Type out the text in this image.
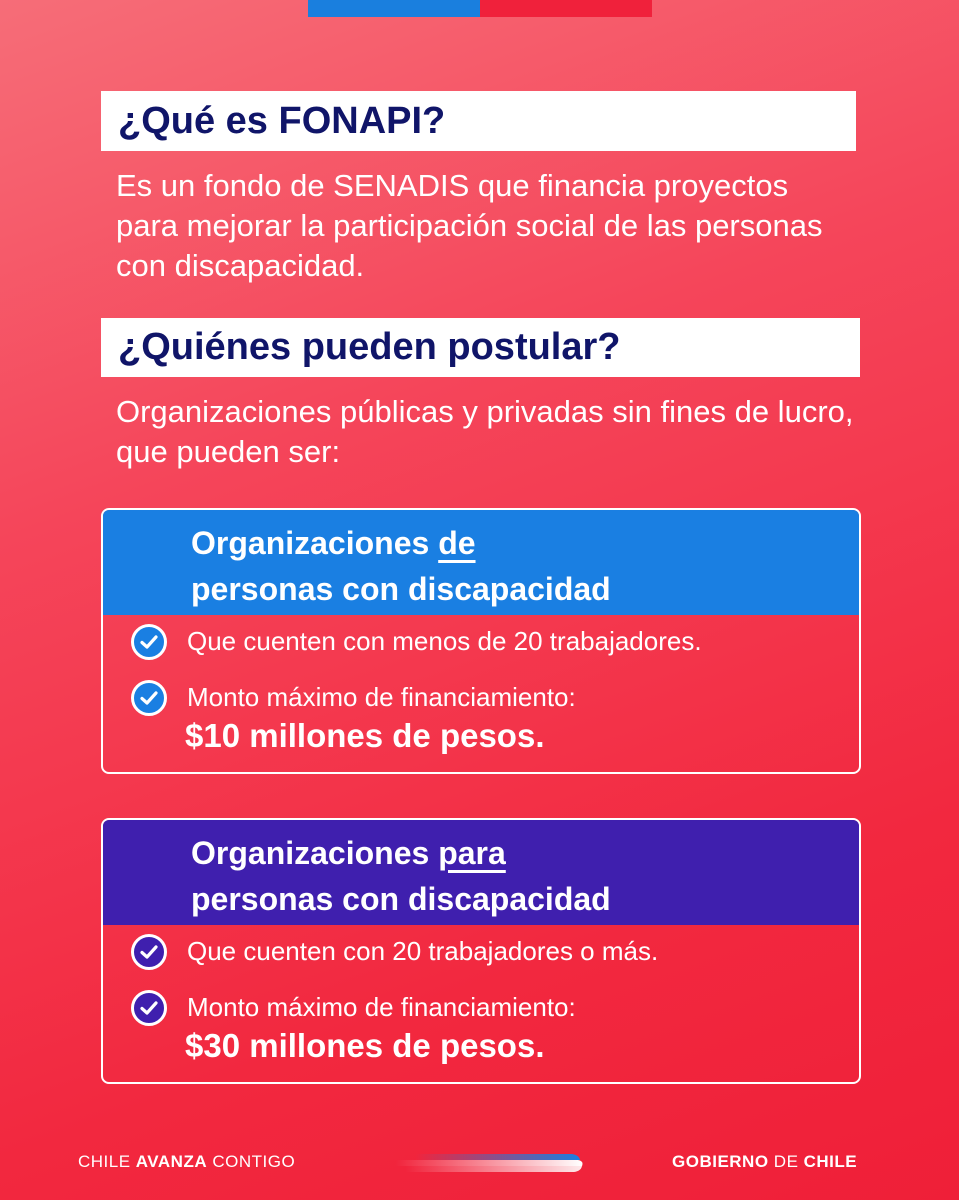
¿Qué es FONAPI?
Es un fondo de SENADIS que financia proyectos para mejorar la participación social de las personas con discapacidad.
¿Quiénes pueden postular?
Organizaciones públicas y privadas sin fines de lucro, que pueden ser:
Organizaciones de
personas con discapacidad
Que cuenten con menos de 20 trabajadores.
Monto máximo de financiamiento:
$10 millones de pesos.
Organizaciones para
personas con discapacidad
Que cuenten con 20 trabajadores o más.
Monto máximo de financiamiento:
$30 millones de pesos.
CHILE AVANZA CONTIGO	GOBIERNO DE CHILE
